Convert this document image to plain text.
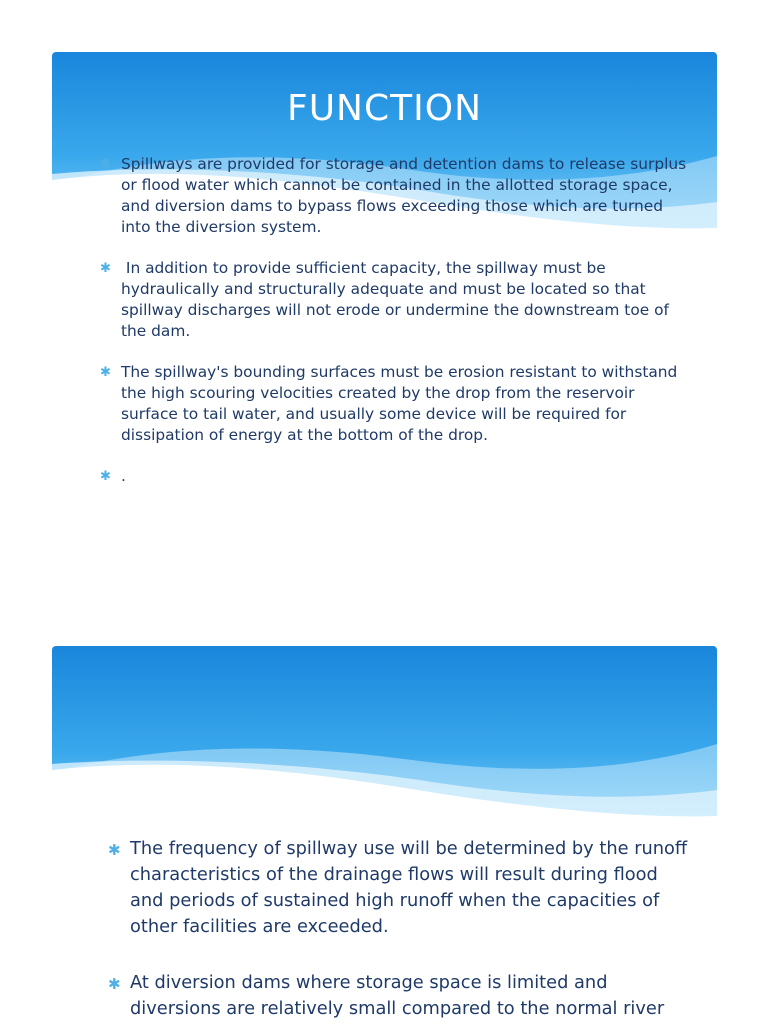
FUNCTION
✱ Spillways are provided for storage and detention dams to release surplus or flood water which cannot be contained in the allotted storage space, and diversion dams to bypass flows exceeding those which are turned into the diversion system.
✱ In addition to provide sufficient capacity, the spillway must be hydraulically and structurally adequate and must be located so that spillway discharges will not erode or undermine the downstream toe of the dam.
✱ The spillway's bounding surfaces must be erosion resistant to withstand the high scouring velocities created by the drop from the reservoir surface to tail water, and usually some device will be required for dissipation of energy at the bottom of the drop.
✱ .
✱ The frequency of spillway use will be determined by the runoff characteristics of the drainage flows will result during flood and periods of sustained high runoff when the capacities of other facilities are exceeded.
✱ At diversion dams where storage space is limited and diversions are relatively small compared to the normal river
